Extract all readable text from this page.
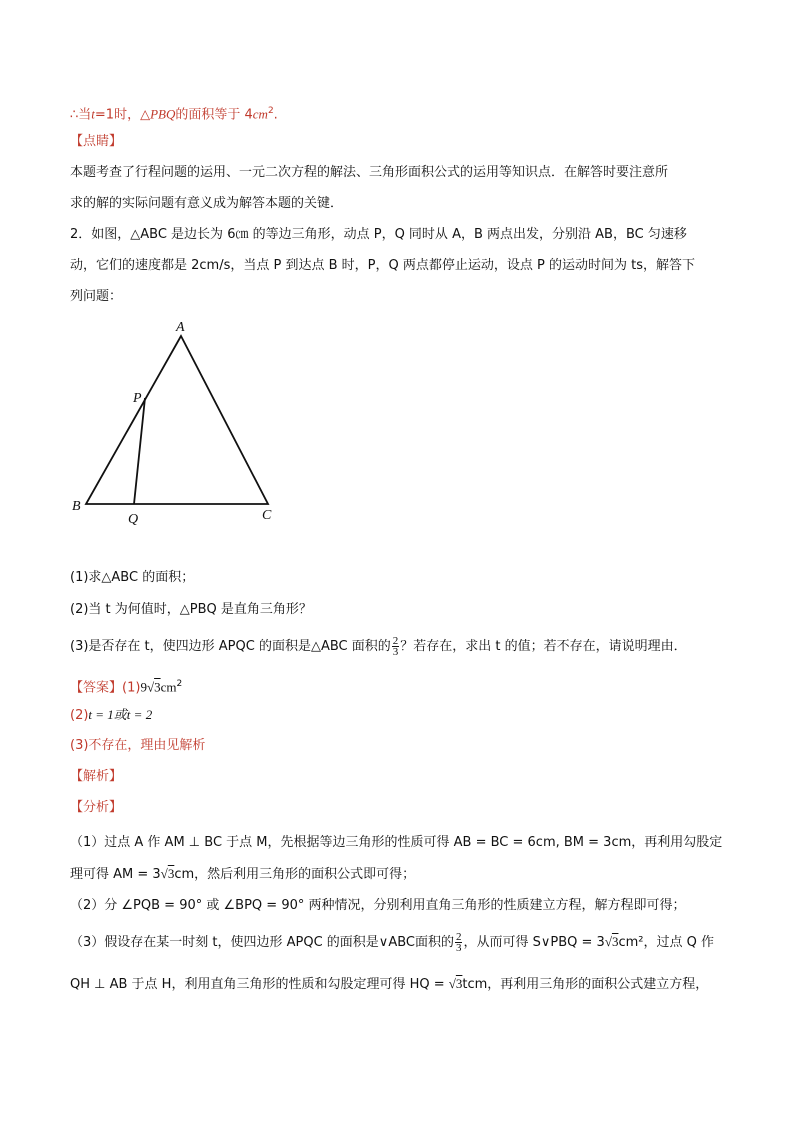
∴当t=1时，△PBQ的面积等于 $4cm^2$.
【点睛】
本题考查了行程问题的运用、一元二次方程的解法、三角形面积公式的运用等知识点．在解答时要注意所
求的解的实际问题有意义成为解答本题的关键．
2．如图，△ABC 是边长为 6㎝ 的等边三角形，动点 P，Q 同时从 A，B 两点出发，分别沿 AB，BC 匀速移
动，它们的速度都是 2cm/s，当点 P 到达点 B 时，P，Q 两点都停止运动，设点 P 的运动时间为 ts，解答下
列问题：
A
B
C
P
Q
(1)求△ABC 的面积；
(2)当 t 为何值时，△PBQ 是直角三角形？
(3)是否存在 t，使四边形 APQC 的面积是△ABC 面积的 $\frac{2}{3}$ ？若存在，求出 t 的值；若不存在，请说明理由．
【答案】$(1)9√3cm^2$
(2)t = 1或t = 2
(3)不存在，理由见解析
【解析】
【分析】
（1）过点 A 作 AM ⊥ BC 于点 M，先根据等边三角形的性质可得 AB = BC = 6cm, BM = 3cm，再利用勾股定
理可得 AM = 3√3cm，然后利用三角形的面积公式即可得；
（2）分 ∠PQB = 90° 或 ∠BPQ = 90° 两种情况，分别利用直角三角形的性质建立方程，解方程即可得；
（3）假设存在某一时刻 t，使四边形 APQC 的面积是∨ABC面积的 $\frac{2}{3}$ ，从而可得 S∨PBQ = 3√3cm²，过点 Q 作
QH ⊥ AB 于点 H，利用直角三角形的性质和勾股定理可得 HQ = √3tcm，再利用三角形的面积公式建立方程，
